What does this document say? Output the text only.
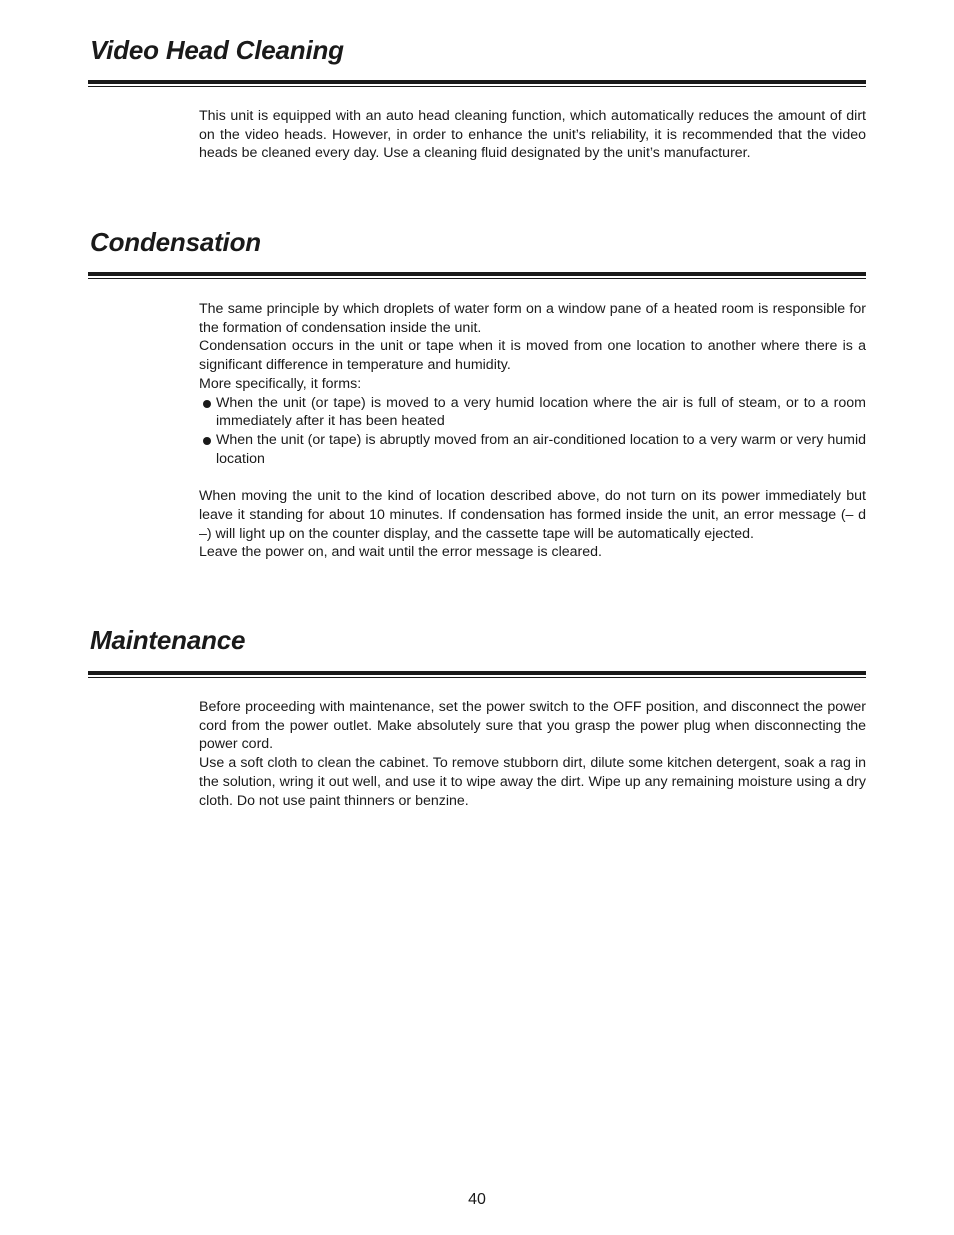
Video Head Cleaning

This unit is equipped with an auto head cleaning function, which automatically reduces the amount of dirt on the video heads. However, in order to enhance the unit’s reliability, it is recommended that the video heads be cleaned every day. Use a cleaning fluid designated by the unit’s manufacturer.

Condensation

The same principle by which droplets of water form on a window pane of a heated room is responsible for the formation of condensation inside the unit.

Condensation occurs in the unit or tape when it is moved from one location to another where there is a significant difference in temperature and humidity.

More specifically, it forms:

When the unit (or tape) is moved to a very humid location where the air is full of steam, or to a room immediately after it has been heated
When the unit (or tape) is abruptly moved from an air-conditioned location to a very warm or very humid location

When moving the unit to the kind of location described above, do not turn on its power immediately but leave it standing for about 10 minutes. If condensation has formed inside the unit, an error message (– d –) will light up on the counter display, and the cassette tape will be automatically ejected.

Leave the power on, and wait until the error message is cleared.

Maintenance

Before proceeding with maintenance, set the power switch to the OFF position, and disconnect the power cord from the power outlet. Make absolutely sure that you grasp the power plug when disconnecting the power cord.

Use a soft cloth to clean the cabinet. To remove stubborn dirt, dilute some kitchen detergent, soak a rag in the solution, wring it out well, and use it to wipe away the dirt. Wipe up any remaining moisture using a dry cloth. Do not use paint thinners or benzine.

40
